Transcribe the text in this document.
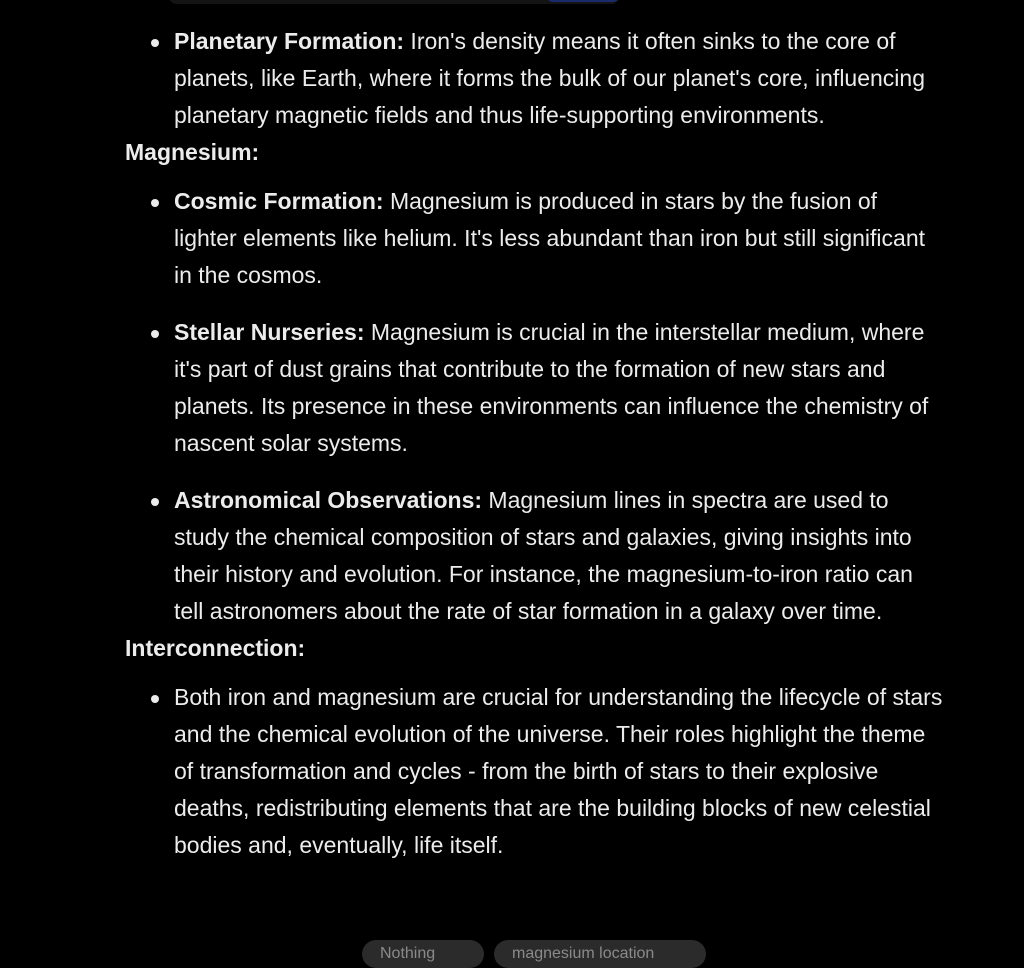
Planetary Formation: Iron's density means it often sinks to the core of planets, like Earth, where it forms the bulk of our planet's core, influencing planetary magnetic fields and thus life-supporting environments.
Magnesium:
Cosmic Formation: Magnesium is produced in stars by the fusion of lighter elements like helium. It's less abundant than iron but still significant in the cosmos.
Stellar Nurseries: Magnesium is crucial in the interstellar medium, where it's part of dust grains that contribute to the formation of new stars and planets. Its presence in these environments can influence the chemistry of nascent solar systems.
Astronomical Observations: Magnesium lines in spectra are used to study the chemical composition of stars and galaxies, giving insights into their history and evolution. For instance, the magnesium-to-iron ratio can tell astronomers about the rate of star formation in a galaxy over time.
Interconnection:
Both iron and magnesium are crucial for understanding the lifecycle of stars and the chemical evolution of the universe. Their roles highlight the theme of transformation and cycles - from the birth of stars to their explosive deaths, redistributing elements that are the building blocks of new celestial bodies and, eventually, life itself.
Nothing	magnesium location
